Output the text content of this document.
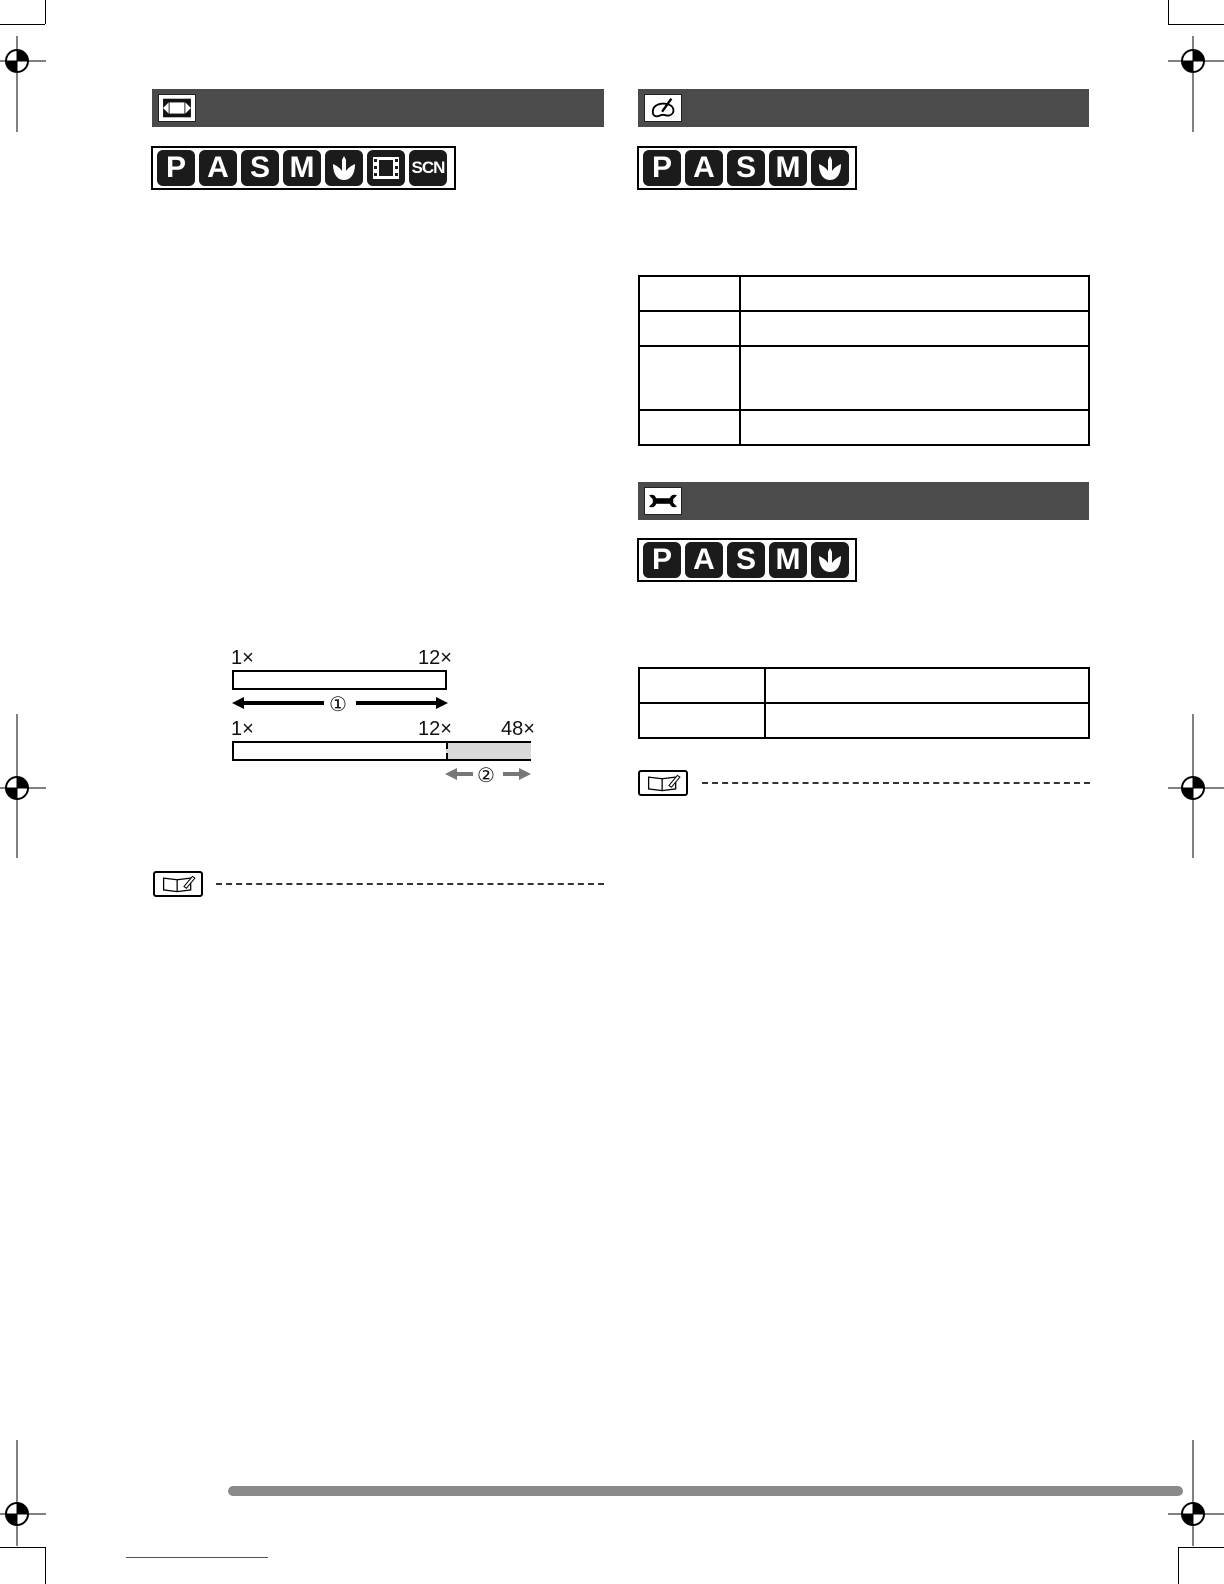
P A S M	SCN
1×	12×
①
1×	12× 48×
②
P A S M

P A S M
